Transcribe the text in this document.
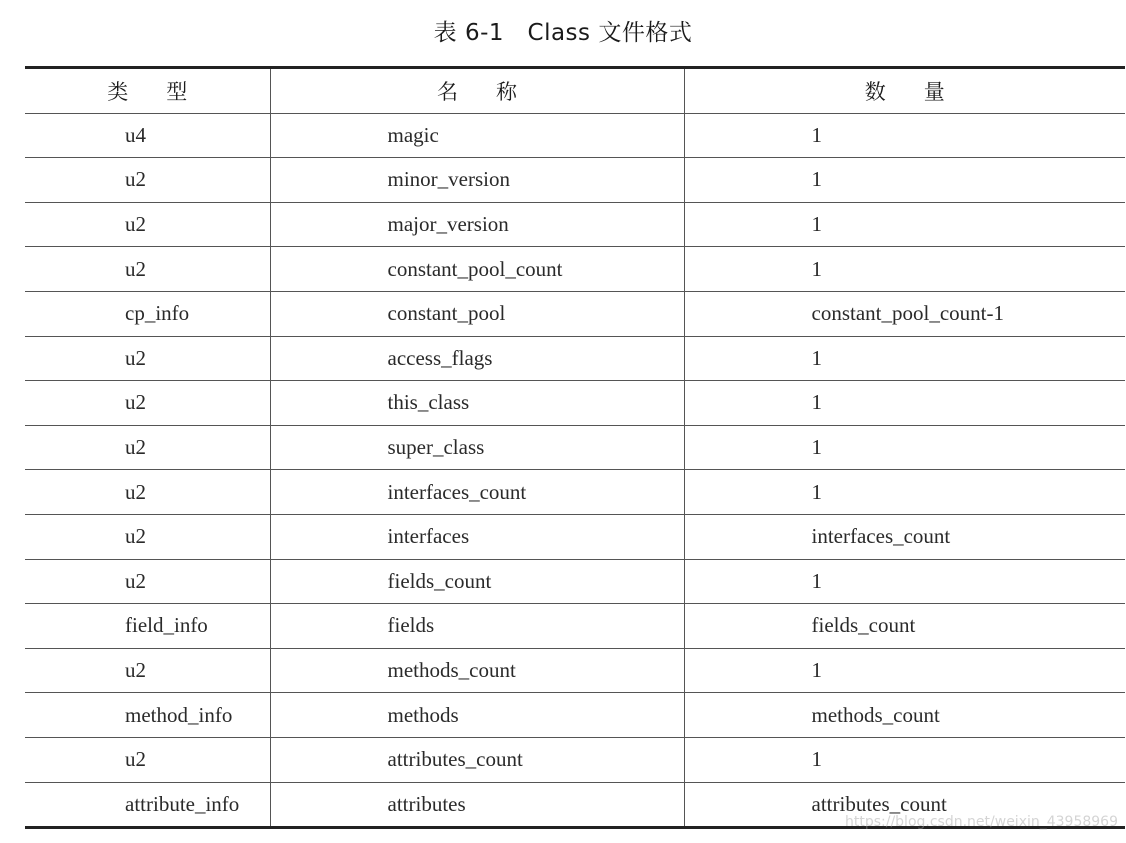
表 6-1　Class 文件格式
类型	名称	数量
u4	magic	1
u2	minor_version	1
u2	major_version	1
u2	constant_pool_count	1
cp_info	constant_pool	constant_pool_count-1
u2	access_flags	1
u2	this_class	1
u2	super_class	1
u2	interfaces_count	1
u2	interfaces	interfaces_count
u2	fields_count	1
field_info	fields	fields_count
u2	methods_count	1
method_info	methods	methods_count
u2	attributes_count	1
attribute_info	attributes	attributes_count
https://blog.csdn.net/weixin_43958969
